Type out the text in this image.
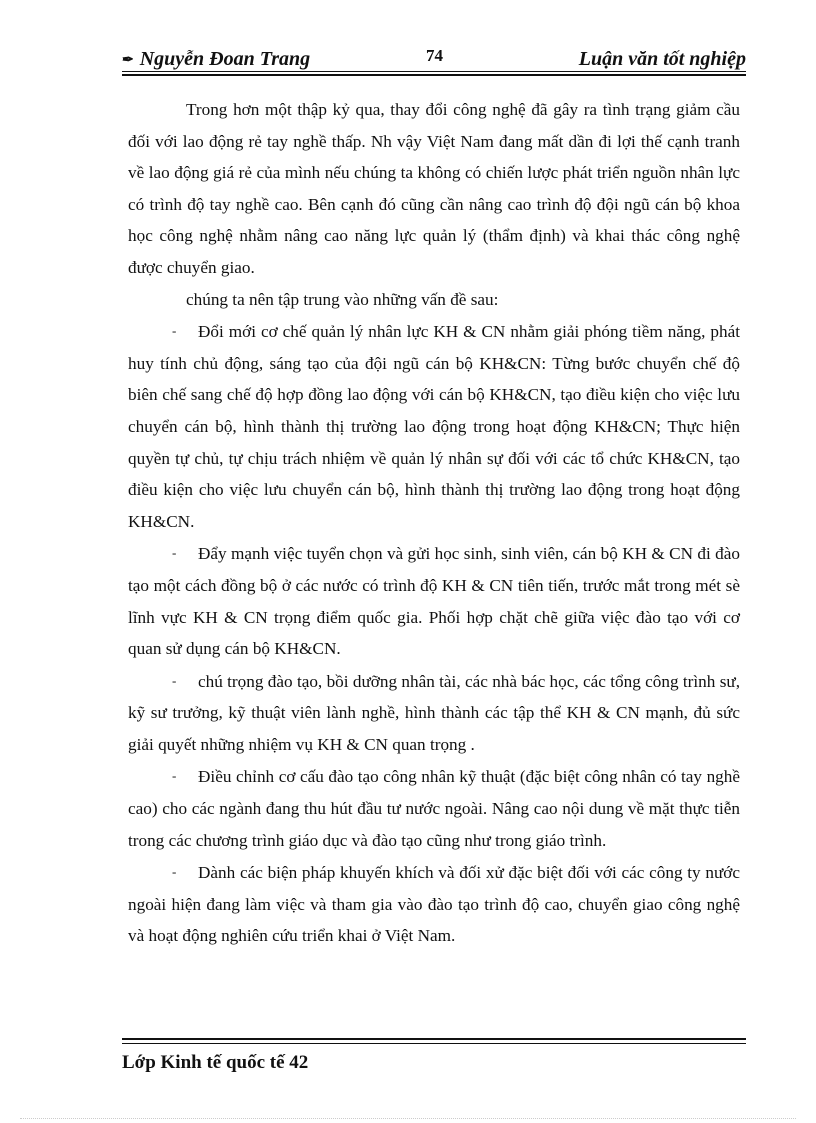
✒ Nguyễn Đoan Trang	74	Luận văn tốt nghiệp

Trong hơn một thập kỷ qua, thay đổi công nghệ đã gây ra tình trạng giảm cầu đối với lao động rẻ tay nghề thấp. Nh vậy Việt Nam đang mất dần đi lợi thế cạnh tranh về lao động giá rẻ của mình nếu chúng ta không có chiến lược phát triển nguồn nhân lực có trình độ tay nghề cao. Bên cạnh đó cũng cần nâng cao trình độ đội ngũ cán bộ khoa học công nghệ nhằm nâng cao năng lực quản lý (thẩm định) và khai thác công nghệ được chuyển giao.

chúng ta nên tập trung vào những vấn đề sau:

- Đổi mới cơ chế quản lý nhân lực KH & CN nhằm giải phóng tiềm năng, phát huy tính chủ động, sáng tạo của đội ngũ cán bộ KH&CN: Từng bước chuyển chế độ biên chế sang chế độ hợp đồng lao động với cán bộ KH&CN, tạo điều kiện cho việc lưu chuyển cán bộ, hình thành thị trường lao động trong hoạt động KH&CN; Thực hiện quyền tự chủ, tự chịu trách nhiệm về quản lý nhân sự đối với các tổ chức KH&CN, tạo điều kiện cho việc lưu chuyển cán bộ, hình thành thị trường lao động trong hoạt động KH&CN.

- Đẩy mạnh việc tuyển chọn và gửi học sinh, sinh viên, cán bộ KH & CN đi đào tạo một cách đồng bộ ở các nước có trình độ KH & CN tiên tiến, trước mắt trong mét sè lĩnh vực KH & CN trọng điểm quốc gia. Phối hợp chặt chẽ giữa việc đào tạo với cơ quan sử dụng cán bộ KH&CN.

- chú trọng đào tạo, bồi dưỡng nhân tài, các nhà bác học, các tổng công trình sư, kỹ sư trưởng, kỹ thuật viên lành nghề, hình thành các tập thể KH & CN mạnh, đủ sức giải quyết những nhiệm vụ KH & CN quan trọng .

- Điều chỉnh cơ cấu đào tạo công nhân kỹ thuật (đặc biệt công nhân có tay nghề cao) cho các ngành đang thu hút đầu tư nước ngoài. Nâng cao nội dung về mặt thực tiễn trong các chương trình giáo dục và đào tạo cũng như trong giáo trình.

- Dành các biện pháp khuyến khích và đối xử đặc biệt đối với các công ty nước ngoài hiện đang làm việc và tham gia vào đào tạo trình độ cao, chuyển giao công nghệ và hoạt động nghiên cứu triển khai ở Việt Nam.

Lớp Kinh tế quốc tế 42
